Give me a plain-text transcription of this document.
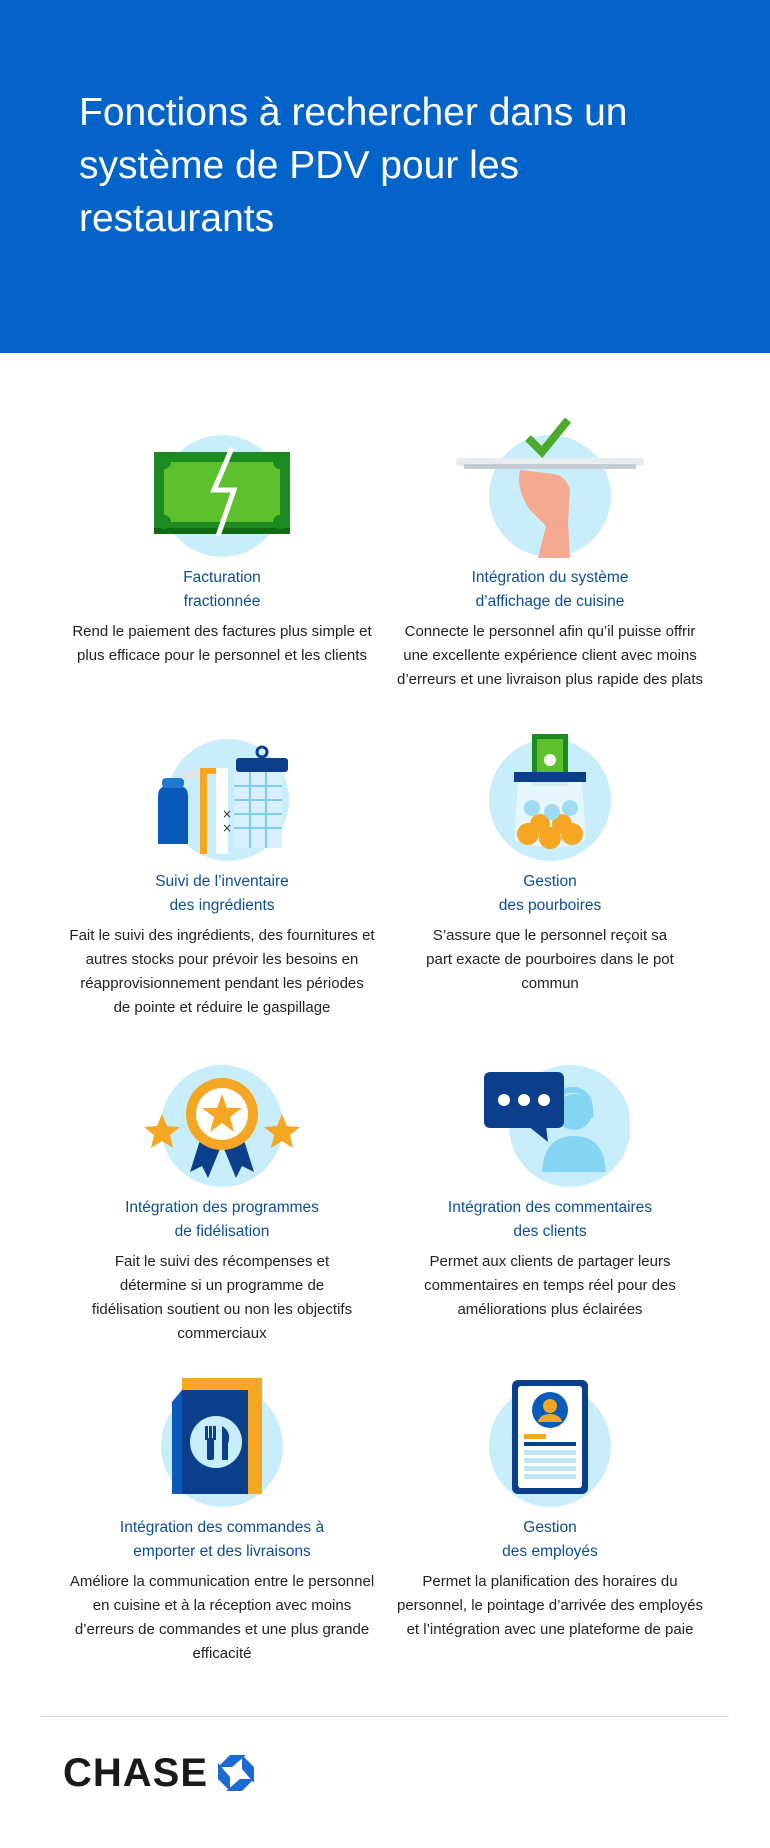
Fonctions à rechercher dans un système de PDV pour les restaurants
Facturation
fractionnée
Rend le paiement des factures plus simple et
plus efficace pour le personnel et les clients
Intégration du système
d’affichage de cuisine
Connecte le personnel afin qu’il puisse offrir
une excellente expérience client avec moins
d’erreurs et une livraison plus rapide des plats
×
×
Suivi de l’inventaire
des ingrédients
Fait le suivi des ingrédients, des fournitures et
autres stocks pour prévoir les besoins en
réapprovisionnement pendant les périodes
de pointe et réduire le gaspillage
Gestion
des pourboires
S’assure que le personnel reçoit sa
part exacte de pourboires dans le pot
commun
Intégration des programmes
de fidélisation
Fait le suivi des récompenses et
détermine si un programme de
fidélisation soutient ou non les objectifs
commerciaux
Intégration des commentaires
des clients
Permet aux clients de partager leurs
commentaires en temps réel pour des
améliorations plus éclairées
Intégration des commandes à
emporter et des livraisons
Améliore la communication entre le personnel
en cuisine et à la réception avec moins
d’erreurs de commandes et une plus grande
efficacité
Gestion
des employés
Permet la planification des horaires du
personnel, le pointage d’arrivée des employés
et l’intégration avec une plateforme de paie
CHASE
